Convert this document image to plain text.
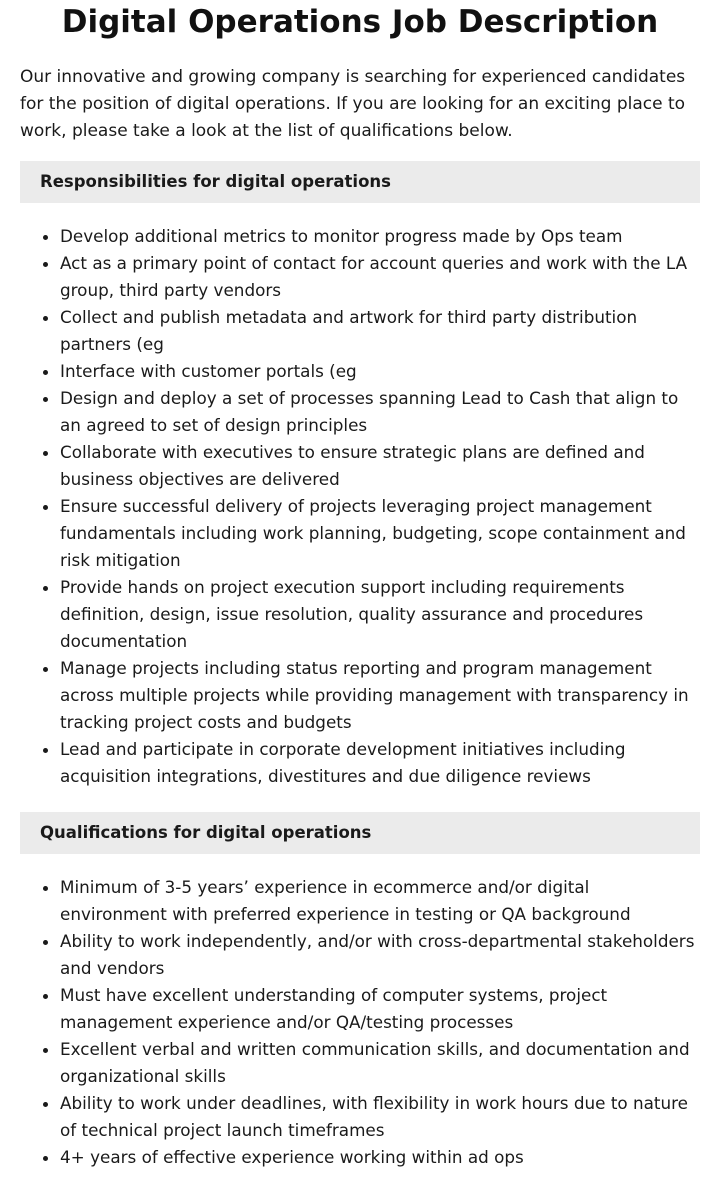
Digital Operations Job Description

Our innovative and growing company is searching for experienced candidates for the position of digital operations. If you are looking for an exciting place to work, please take a look at the list of qualifications below.

Responsibilities for digital operations
• Develop additional metrics to monitor progress made by Ops team
• Act as a primary point of contact for account queries and work with the LA group, third party vendors
• Collect and publish metadata and artwork for third party distribution partners (eg
• Interface with customer portals (eg
• Design and deploy a set of processes spanning Lead to Cash that align to an agreed to set of design principles
• Collaborate with executives to ensure strategic plans are defined and business objectives are delivered
• Ensure successful delivery of projects leveraging project management fundamentals including work planning, budgeting, scope containment and risk mitigation
• Provide hands on project execution support including requirements definition, design, issue resolution, quality assurance and procedures documentation
• Manage projects including status reporting and program management across multiple projects while providing management with transparency in tracking project costs and budgets
• Lead and participate in corporate development initiatives including acquisition integrations, divestitures and due diligence reviews
Qualifications for digital operations
• Minimum of 3-5 years’ experience in ecommerce and/or digital environment with preferred experience in testing or QA background
• Ability to work independently, and/or with cross-departmental stakeholders and vendors
• Must have excellent understanding of computer systems, project management experience and/or QA/testing processes
• Excellent verbal and written communication skills, and documentation and organizational skills
• Ability to work under deadlines, with flexibility in work hours due to nature of technical project launch timeframes
• 4+ years of effective experience working within ad ops
